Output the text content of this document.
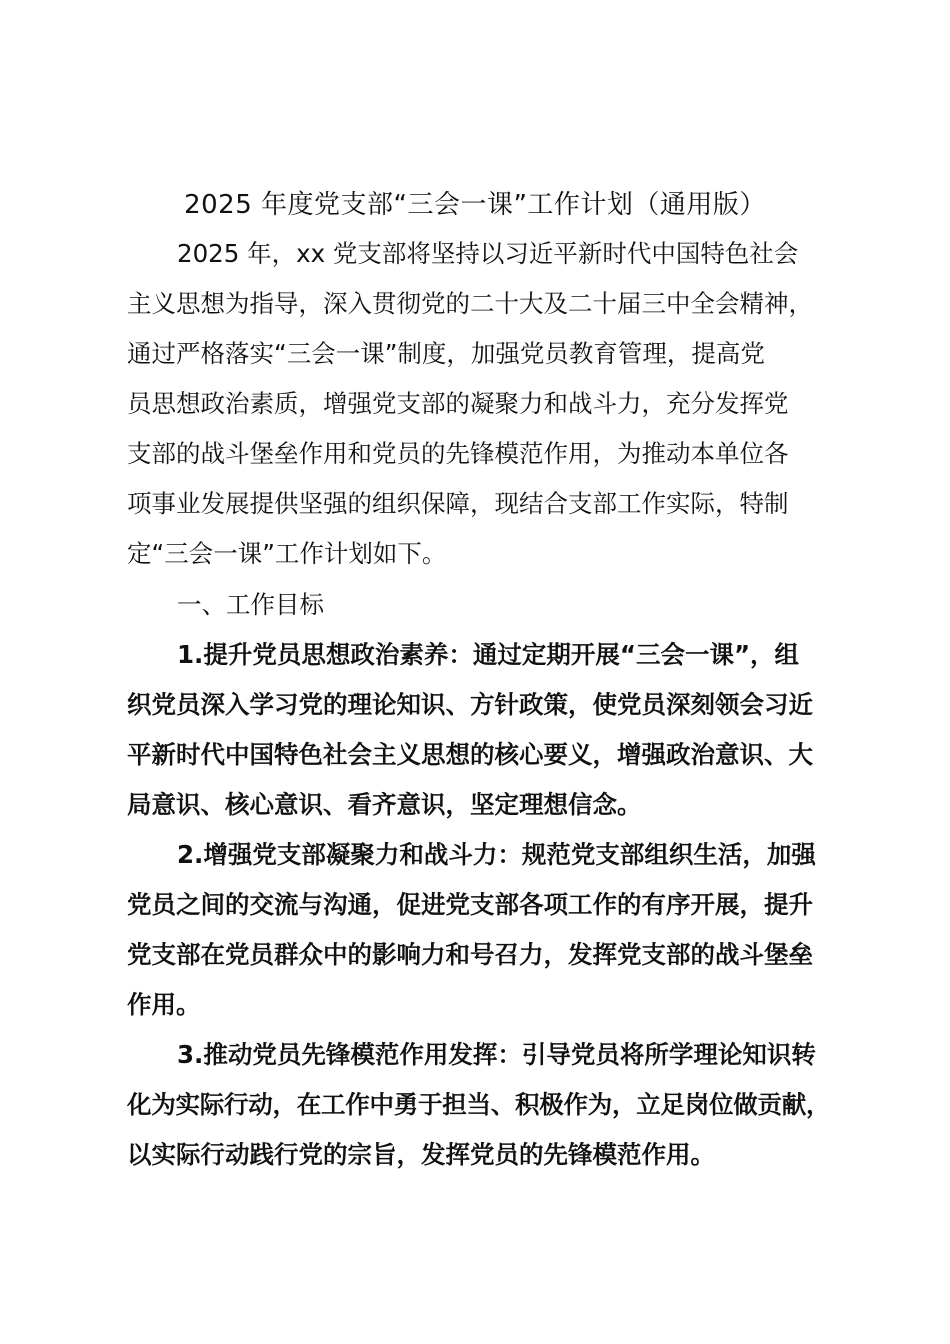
2025 年度党支部“三会一课”工作计划（通用版）
2025 年，xx 党支部将坚持以习近平新时代中国特色社会
主义思想为指导，深入贯彻党的二十大及二十届三中全会精神，
通过严格落实“三会一课”制度，加强党员教育管理，提高党
员思想政治素质，增强党支部的凝聚力和战斗力，充分发挥党
支部的战斗堡垒作用和党员的先锋模范作用，为推动本单位各
项事业发展提供坚强的组织保障，现结合支部工作实际，特制
定“三会一课”工作计划如下。
一、工作目标
1.提升党员思想政治素养：通过定期开展“三会一课”，组
织党员深入学习党的理论知识、方针政策，使党员深刻领会习近
平新时代中国特色社会主义思想的核心要义，增强政治意识、大
局意识、核心意识、看齐意识，坚定理想信念。
2.增强党支部凝聚力和战斗力：规范党支部组织生活，加强
党员之间的交流与沟通，促进党支部各项工作的有序开展，提升
党支部在党员群众中的影响力和号召力，发挥党支部的战斗堡垒
作用。
3.推动党员先锋模范作用发挥：引导党员将所学理论知识转
化为实际行动，在工作中勇于担当、积极作为，立足岗位做贡献，
以实际行动践行党的宗旨，发挥党员的先锋模范作用。
